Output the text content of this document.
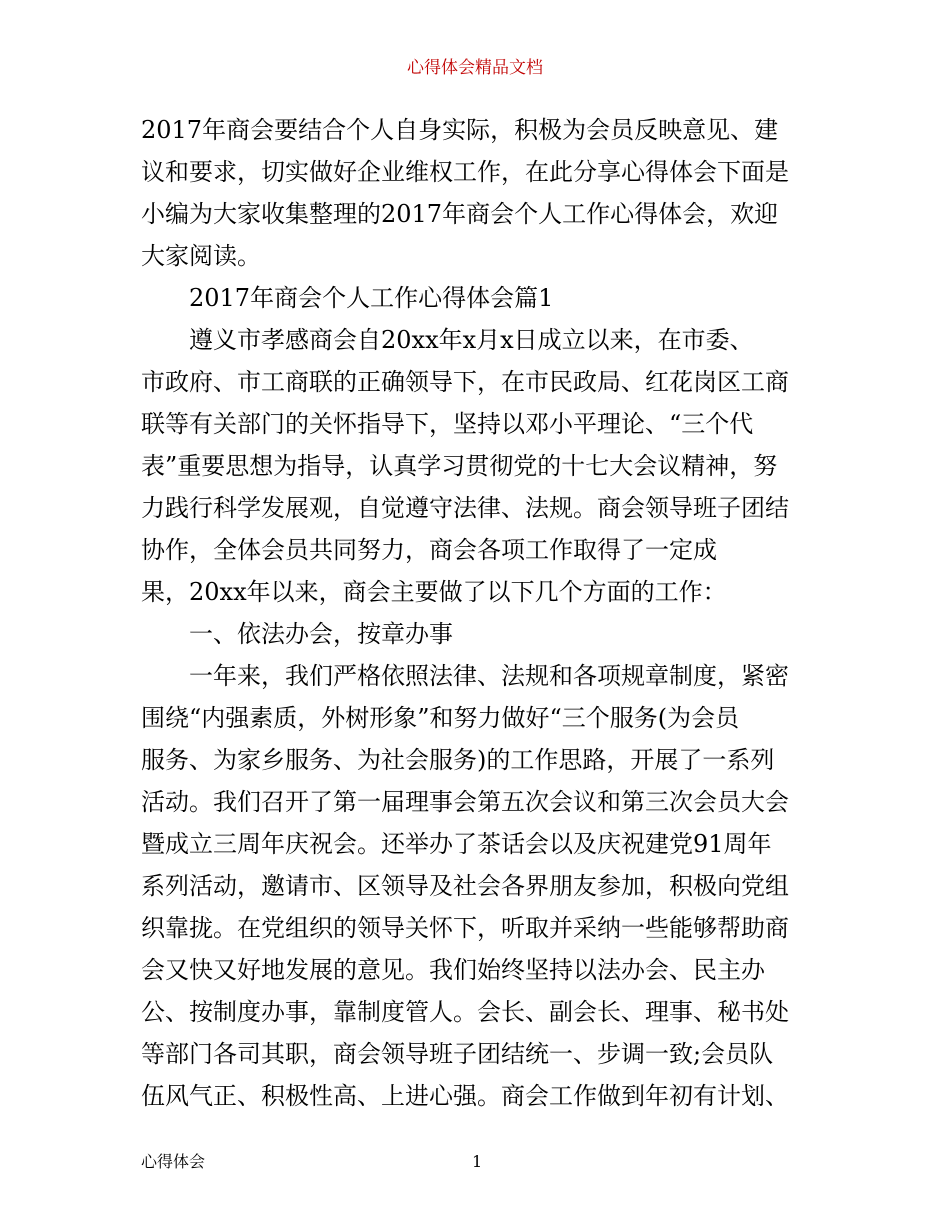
心得体会精品文档
2017年商会要结合个人自身实际，积极为会员反映意见、建
议和要求，切实做好企业维权工作，在此分享心得体会下面是
小编为大家收集整理的2017年商会个人工作心得体会，欢迎
大家阅读。
2017年商会个人工作心得体会篇1
遵义市孝感商会自20xx年x月x日成立以来，在市委、
市政府、市工商联的正确领导下，在市民政局、红花岗区工商
联等有关部门的关怀指导下，坚持以邓小平理论、“三个代
表”重要思想为指导，认真学习贯彻党的十七大会议精神，努
力践行科学发展观，自觉遵守法律、法规。商会领导班子团结
协作，全体会员共同努力，商会各项工作取得了一定成
果，20xx年以来，商会主要做了以下几个方面的工作：
一、依法办会，按章办事
一年来，我们严格依照法律、法规和各项规章制度，紧密
围绕“内强素质，外树形象”和努力做好“三个服务(为会员
服务、为家乡服务、为社会服务)的工作思路，开展了一系列
活动。我们召开了第一届理事会第五次会议和第三次会员大会
暨成立三周年庆祝会。还举办了茶话会以及庆祝建党91周年
系列活动，邀请市、区领导及社会各界朋友参加，积极向党组
织靠拢。在党组织的领导关怀下，听取并采纳一些能够帮助商
会又快又好地发展的意见。我们始终坚持以法办会、民主办
公、按制度办事，靠制度管人。会长、副会长、理事、秘书处
等部门各司其职，商会领导班子团结统一、步调一致;会员队
伍风气正、积极性高、上进心强。商会工作做到年初有计划、
心得体会	1
